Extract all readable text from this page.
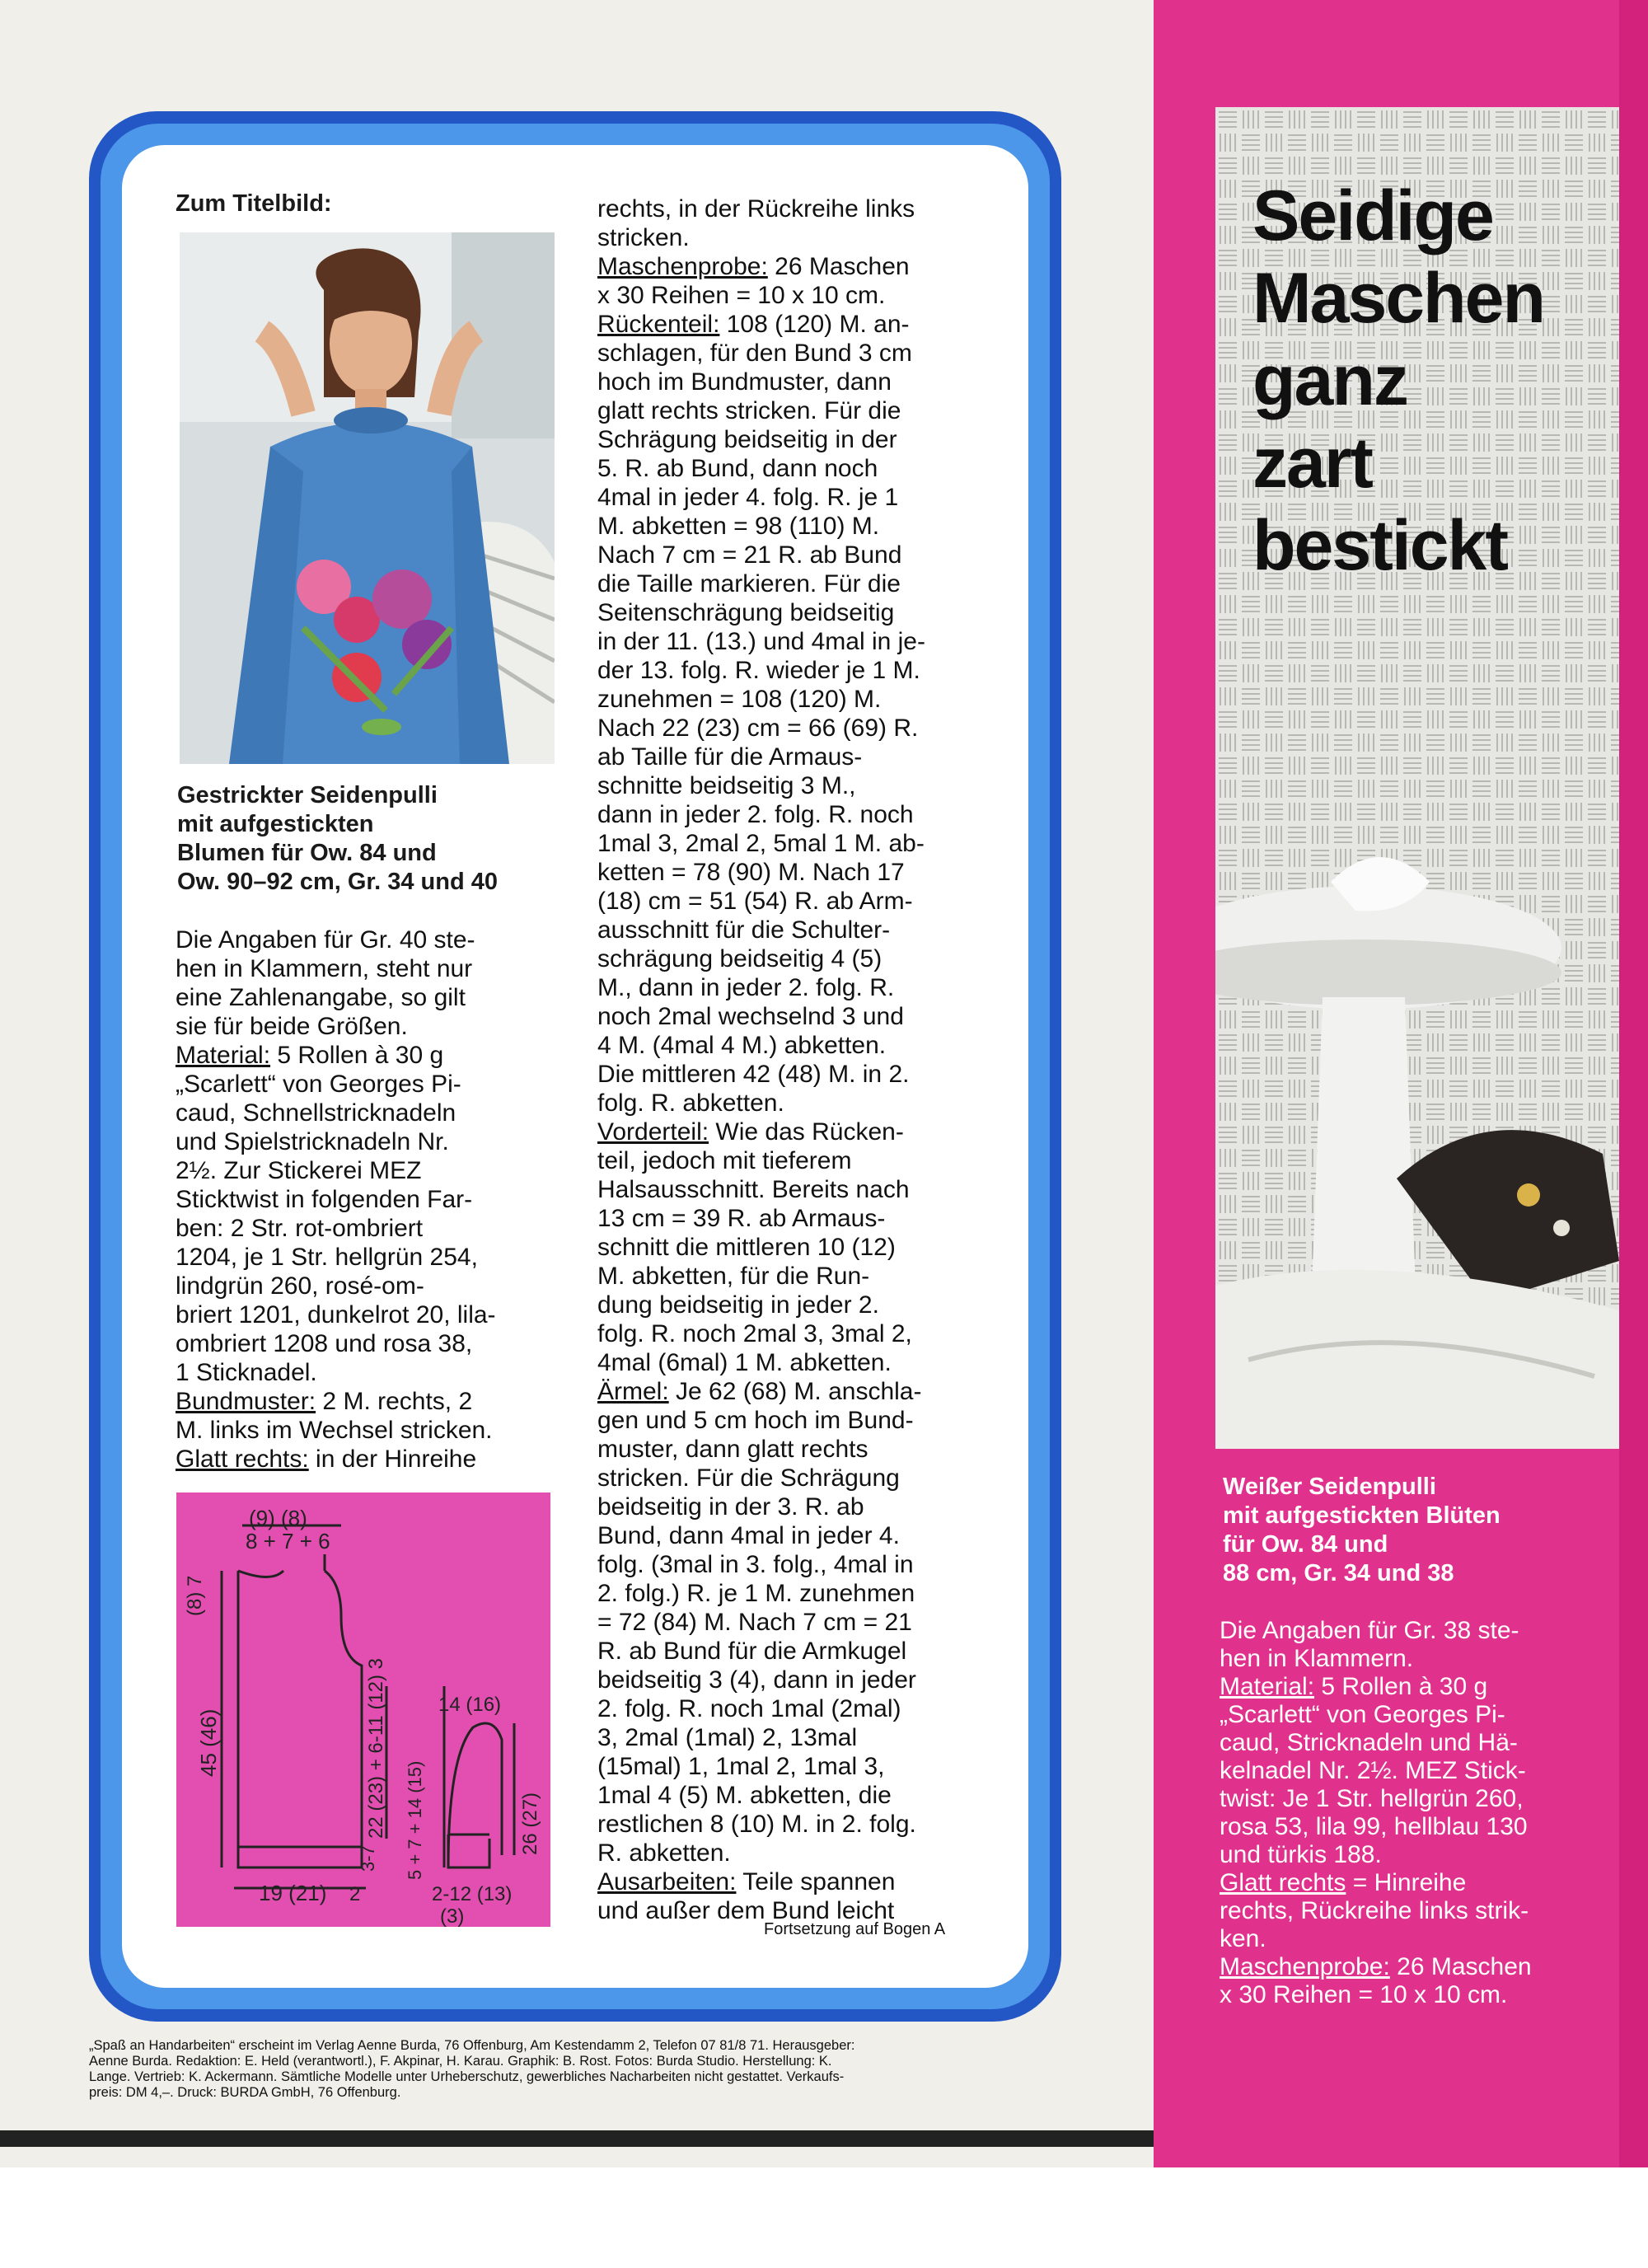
Zum Titelbild:
Gestrickter Seidenpulli
mit aufgestickten
Blumen für Ow. 84 und
Ow. 90–92 cm, Gr. 34 und 40
Die Angaben für Gr. 40 ste-
hen in Klammern, steht nur
eine Zahlenangabe, so gilt
sie für beide Größen.
Material: 5 Rollen à 30 g
„Scarlett“ von Georges Pi-
caud, Schnellstricknadeln
und Spielstricknadeln Nr.
2½. Zur Stickerei MEZ
Sticktwist in folgenden Far-
ben: 2 Str. rot-ombriert
1204, je 1 Str. hellgrün 254,
lindgrün 260, rosé-om-
briert 1201, dunkelrot 20, lila-
ombriert 1208 und rosa 38,
1 Sticknadel.
Bundmuster: 2 M. rechts, 2
M. links im Wechsel stricken.
Glatt rechts: in der Hinreihe
(9) (8)
8 + 7 + 6
(8) 7
45 (46)	22 (23) + 6-11 (12) 3
19 (21) 2
3-7
14 (16)
5 + 7 + 14 (15)	26 (27)
2-12 (13)
(3)
rechts, in der Rückreihe links
stricken.
Maschenprobe: 26 Maschen
x 30 Reihen = 10 x 10 cm.
Rückenteil: 108 (120) M. an-
schlagen, für den Bund 3 cm
hoch im Bundmuster, dann
glatt rechts stricken. Für die
Schrägung beidseitig in der
5. R. ab Bund, dann noch
4mal in jeder 4. folg. R. je 1
M. abketten = 98 (110) M.
Nach 7 cm = 21 R. ab Bund
die Taille markieren. Für die
Seitenschrägung beidseitig
in der 11. (13.) und 4mal in je-
der 13. folg. R. wieder je 1 M.
zunehmen = 108 (120) M.
Nach 22 (23) cm = 66 (69) R.
ab Taille für die Armaus-
schnitte beidseitig 3 M.,
dann in jeder 2. folg. R. noch
1mal 3, 2mal 2, 5mal 1 M. ab-
ketten = 78 (90) M. Nach 17
(18) cm = 51 (54) R. ab Arm-
ausschnitt für die Schulter-
schrägung beidseitig 4 (5)
M., dann in jeder 2. folg. R.
noch 2mal wechselnd 3 und
4 M. (4mal 4 M.) abketten.
Die mittleren 42 (48) M. in 2.
folg. R. abketten.
Vorderteil: Wie das Rücken-
teil, jedoch mit tieferem
Halsausschnitt. Bereits nach
13 cm = 39 R. ab Armaus-
schnitt die mittleren 10 (12)
M. abketten, für die Run-
dung beidseitig in jeder 2.
folg. R. noch 2mal 3, 3mal 2,
4mal (6mal) 1 M. abketten.
Ärmel: Je 62 (68) M. anschla-
gen und 5 cm hoch im Bund-
muster, dann glatt rechts
stricken. Für die Schrägung
beidseitig in der 3. R. ab
Bund, dann 4mal in jeder 4.
folg. (3mal in 3. folg., 4mal in
2. folg.) R. je 1 M. zunehmen
= 72 (84) M. Nach 7 cm = 21
R. ab Bund für die Armkugel
beidseitig 3 (4), dann in jeder
2. folg. R. noch 1mal (2mal)
3, 2mal (1mal) 2, 13mal
(15mal) 1, 1mal 2, 1mal 3,
1mal 4 (5) M. abketten, die
restlichen 8 (10) M. in 2. folg.
R. abketten.
Ausarbeiten: Teile spannen
und außer dem Bund leicht
Fortsetzung auf Bogen A
Seidige
Maschen
ganz
zart
bestickt
Weißer Seidenpulli
mit aufgestickten Blüten
für Ow. 84 und
88 cm, Gr. 34 und 38
Die Angaben für Gr. 38 ste-
hen in Klammern.
Material: 5 Rollen à 30 g
„Scarlett“ von Georges Pi-
caud, Stricknadeln und Hä-
kelnadel Nr. 2½. MEZ Stick-
twist: Je 1 Str. hellgrün 260,
rosa 53, lila 99, hellblau 130
und türkis 188.
Glatt rechts = Hinreihe
rechts, Rückreihe links strik-
ken.
Maschenprobe: 26 Maschen
x 30 Reihen = 10 x 10 cm.
„Spaß an Handarbeiten“ erscheint im Verlag Aenne Burda, 76 Offenburg, Am Kestendamm 2, Telefon 07 81/8 71. Herausgeber:
Aenne Burda. Redaktion: E. Held (verantwortl.), F. Akpinar, H. Karau. Graphik: B. Rost. Fotos: Burda Studio. Herstellung: K.
Lange. Vertrieb: K. Ackermann. Sämtliche Modelle unter Urheberschutz, gewerbliches Nacharbeiten nicht gestattet. Verkaufs-
preis: DM 4,–. Druck: BURDA GmbH, 76 Offenburg.
